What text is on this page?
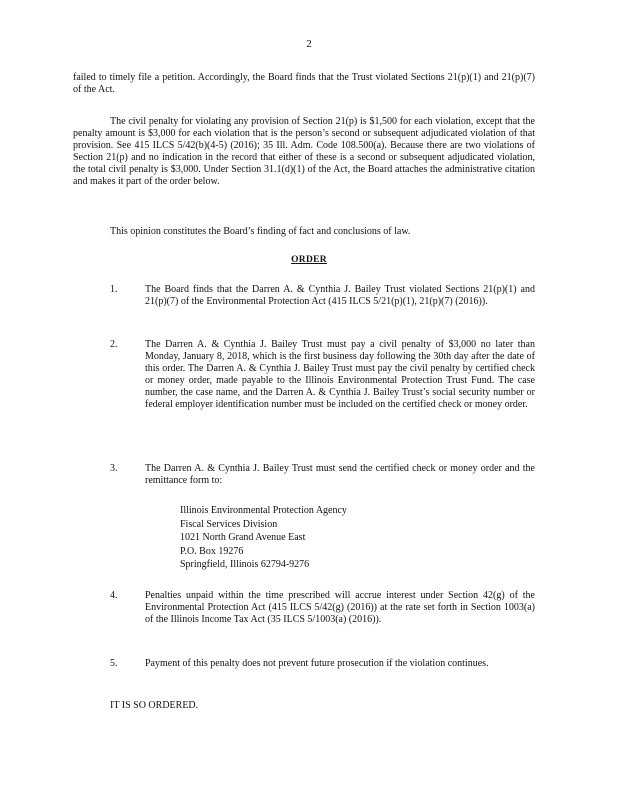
2

failed to timely file a petition. Accordingly, the Board finds that the Trust violated Sections 21(p)(1) and 21(p)(7) of the Act.

The civil penalty for violating any provision of Section 21(p) is $1,500 for each violation, except that the penalty amount is $3,000 for each violation that is the person’s second or subsequent adjudicated violation of that provision. See 415 ILCS 5/42(b)(4-5) (2016); 35 Ill. Adm. Code 108.500(a). Because there are two violations of Section 21(p) and no indication in the record that either of these is a second or subsequent adjudicated violation, the total civil penalty is $3,000. Under Section 31.1(d)(1) of the Act, the Board attaches the administrative citation and makes it part of the order below.

This opinion constitutes the Board’s finding of fact and conclusions of law.

ORDER
1.	The Board finds that the Darren A. & Cynthia J. Bailey Trust violated Sections 21(p)(1) and 21(p)(7) of the Environmental Protection Act (415 ILCS 5/21(p)(1), 21(p)(7) (2016)).

2.	The Darren A. & Cynthia J. Bailey Trust must pay a civil penalty of $3,000 no later than Monday, January 8, 2018, which is the first business day following the 30th day after the date of this order. The Darren A. & Cynthia J. Bailey Trust must pay the civil penalty by certified check or money order, made payable to the Illinois Environmental Protection Trust Fund. The case number, the case name, and the Darren A. & Cynthia J. Bailey Trust’s social security number or federal employer identification number must be included on the certified check or money order.

3.	The Darren A. & Cynthia J. Bailey Trust must send the certified check or money order and the remittance form to:

Illinois Environmental Protection Agency
Fiscal Services Division
1021 North Grand Avenue East
P.O. Box 19276
Springfield, Illinois 62794-9276
4.	Penalties unpaid within the time prescribed will accrue interest under Section 42(g) of the Environmental Protection Act (415 ILCS 5/42(g) (2016)) at the rate set forth in Section 1003(a) of the Illinois Income Tax Act (35 ILCS 5/1003(a) (2016)).

5.	Payment of this penalty does not prevent future prosecution if the violation continues.

IT IS SO ORDERED.
